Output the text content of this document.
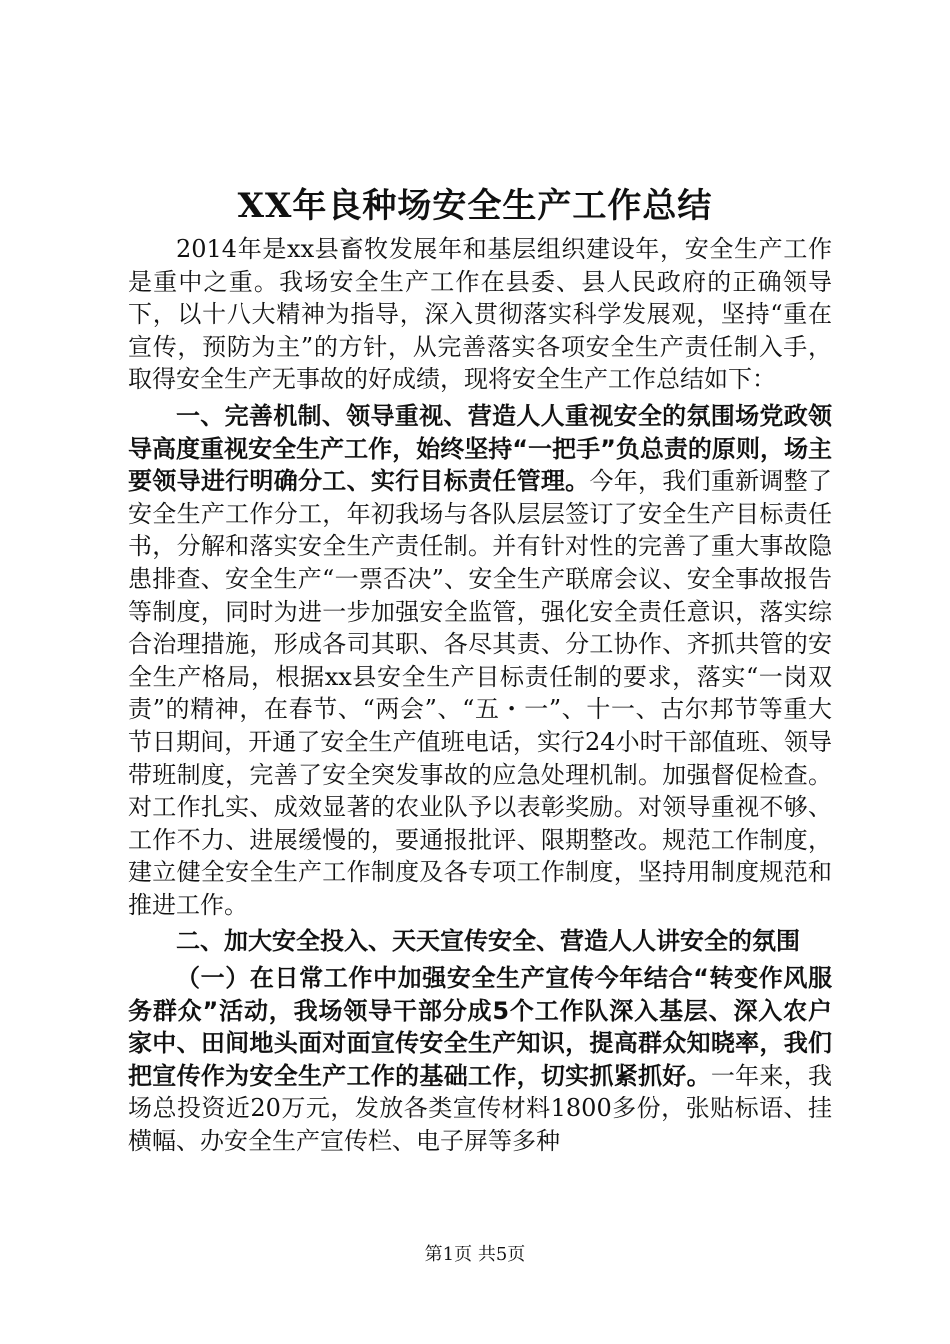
XX年良种场安全生产工作总结

2014年是xx县畜牧发展年和基层组织建设年，安全生产工作是重中之重。我场安全生产工作在县委、县人民政府的正确领导下，以十八大精神为指导，深入贯彻落实科学发展观，坚持“重在宣传，预防为主”的方针，从完善落实各项安全生产责任制入手，取得安全生产无事故的好成绩，现将安全生产工作总结如下：

一、完善机制、领导重视、营造人人重视安全的氛围场党政领导高度重视安全生产工作，始终坚持“一把手”负总责的原则，场主要领导进行明确分工、实行目标责任管理。今年，我们重新调整了安全生产工作分工，年初我场与各队层层签订了安全生产目标责任书，分解和落实安全生产责任制。并有针对性的完善了重大事故隐患排查、安全生产“一票否决”、安全生产联席会议、安全事故报告等制度，同时为进一步加强安全监管，强化安全责任意识，落实综合治理措施，形成各司其职、各尽其责、分工协作、齐抓共管的安全生产格局，根据xx县安全生产目标责任制的要求，落实“一岗双责”的精神，在春节、“两会”、“五・一”、十一、古尔邦节等重大节日期间，开通了安全生产值班电话，实行24小时干部值班、领导带班制度，完善了安全突发事故的应急处理机制。加强督促检查。对工作扎实、成效显著的农业队予以表彰奖励。对领导重视不够、工作不力、进展缓慢的，要通报批评、限期整改。规范工作制度，建立健全安全生产工作制度及各专项工作制度，坚持用制度规范和推进工作。

二、加大安全投入、天天宣传安全、营造人人讲安全的氛围

（一）在日常工作中加强安全生产宣传今年结合“转变作风服务群众”活动，我场领导干部分成5个工作队深入基层、深入农户家中、田间地头面对面宣传安全生产知识，提高群众知晓率，我们把宣传作为安全生产工作的基础工作，切实抓紧抓好。一年来，我场总投资近20万元，发放各类宣传材料1800多份，张贴标语、挂横幅、办安全生产宣传栏、电子屏等多种

第1页 共5页
